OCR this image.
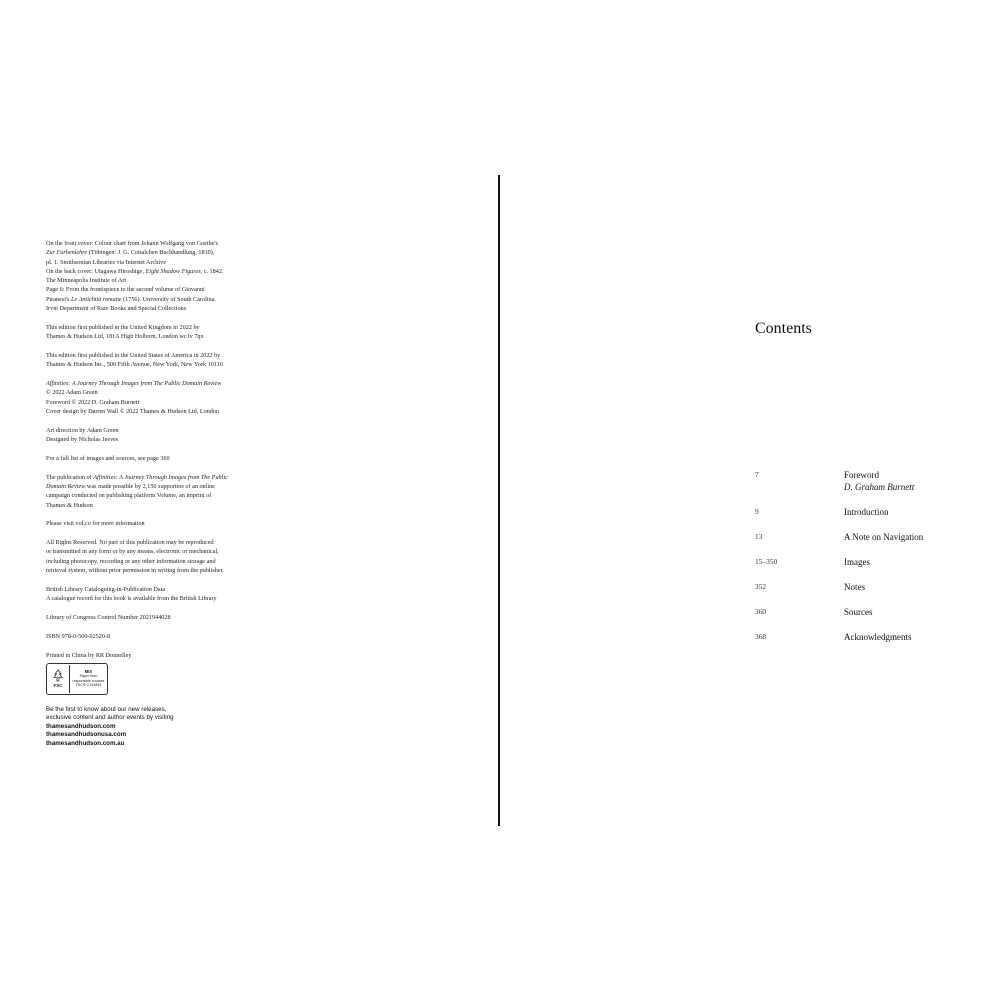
On the front cover: Colour chart from Johann Wolfgang von Goethe's
Zur Farbenlehre (Tübingen: J. G. Cottalchen Buchhandlung, 1810),
pl. 1. Smithsonian Libraries via Internet Archive
On the back cover: Utagawa Hiroshige, Eight Shadow Figures, c. 1842.
The Minneapolis Institute of Art
Page 6: From the frontispiece to the second volume of Giovanni
Piranesi's Le Antichità romane (1756). University of South Carolina.
Irvin Department of Rare Books and Special Collections

This edition first published in the United Kingdom in 2022 by
Thames & Hudson Ltd, 181A High Holborn, London wc1v 7qx

This edition first published in the United States of America in 2022 by
Thames & Hudson Inc., 500 Fifth Avenue, New York, New York 10110

Affinities: A Journey Through Images from The Public Domain Review
© 2022 Adam Green
Foreword © 2022 D. Graham Burnett
Cover design by Darren Wall © 2022 Thames & Hudson Ltd, London

Art direction by Adam Green
Designed by Nicholas Jeeves

For a full list of images and sources, see page 360

The publication of Affinities: A Journey Through Images from The Public
Domain Review was made possible by 2,150 supporters of an online
campaign conducted on publishing platform Volume, an imprint of
Thames & Hudson

Please visit vol.co for more information

All Rights Reserved. No part of this publication may be reproduced
or transmitted in any form or by any means, electronic or mechanical,
including photocopy, recording or any other information storage and
retrieval system, without prior permission in writing from the publisher.

British Library Cataloguing-in-Publication Data
A catalogue record for this book is available from the British Library

Library of Congress Control Number 2021944028

ISBN 978-0-500-02520-8

Printed in China by RR Donnelley

FSC
MIX
Paper from
responsible sources
FSC® C144853
Be the first to know about our new releases,
exclusive content and author events by visiting
thamesandhudson.com
thamesandhudsonusa.com
thamesandhudson.com.au
Contents
7	Foreword
D. Graham Burnett
9	Introduction
13	A Note on Navigation
15–350	Images
352	Notes
360	Sources
368	Acknowledgments
